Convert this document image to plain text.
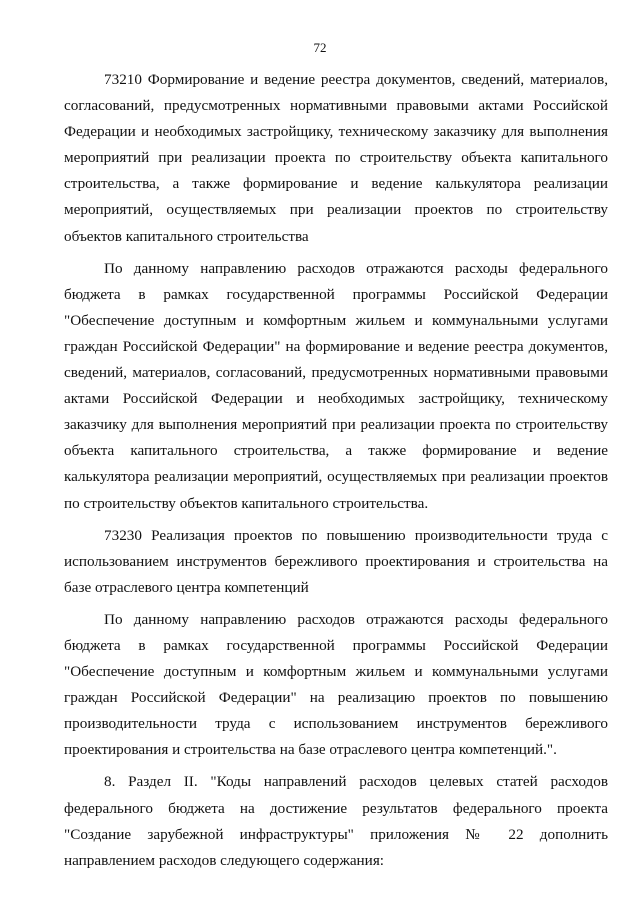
72

73210 Формирование и ведение реестра документов, сведений, материалов, согласований, предусмотренных нормативными правовыми актами Российской Федерации и необходимых застройщику, техническому заказчику для выполнения мероприятий при реализации проекта по строительству объекта капитального строительства, а также формирование и ведение калькулятора реализации мероприятий, осуществляемых при реализации проектов по строительству объектов капитального строительства

По данному направлению расходов отражаются расходы федерального бюджета в рамках государственной программы Российской Федерации "Обеспечение доступным и комфортным жильем и коммунальными услугами граждан Российской Федерации" на формирование и ведение реестра документов, сведений, материалов, согласований, предусмотренных нормативными правовыми актами Российской Федерации и необходимых застройщику, техническому заказчику для выполнения мероприятий при реализации проекта по строительству объекта капитального строительства, а также формирование и ведение калькулятора реализации мероприятий, осуществляемых при реализации проектов по строительству объектов капитального строительства.

73230 Реализация проектов по повышению производительности труда с использованием инструментов бережливого проектирования и строительства на базе отраслевого центра компетенций

По данному направлению расходов отражаются расходы федерального бюджета в рамках государственной программы Российской Федерации "Обеспечение доступным и комфортным жильем и коммунальными услугами граждан Российской Федерации" на реализацию проектов по повышению производительности труда с использованием инструментов бережливого проектирования и строительства на базе отраслевого центра компетенций.".

8. Раздел II. "Коды направлений расходов целевых статей расходов федерального бюджета на достижение результатов федерального проекта "Создание зарубежной инфраструктуры" приложения № 22 дополнить направлением расходов следующего содержания:
